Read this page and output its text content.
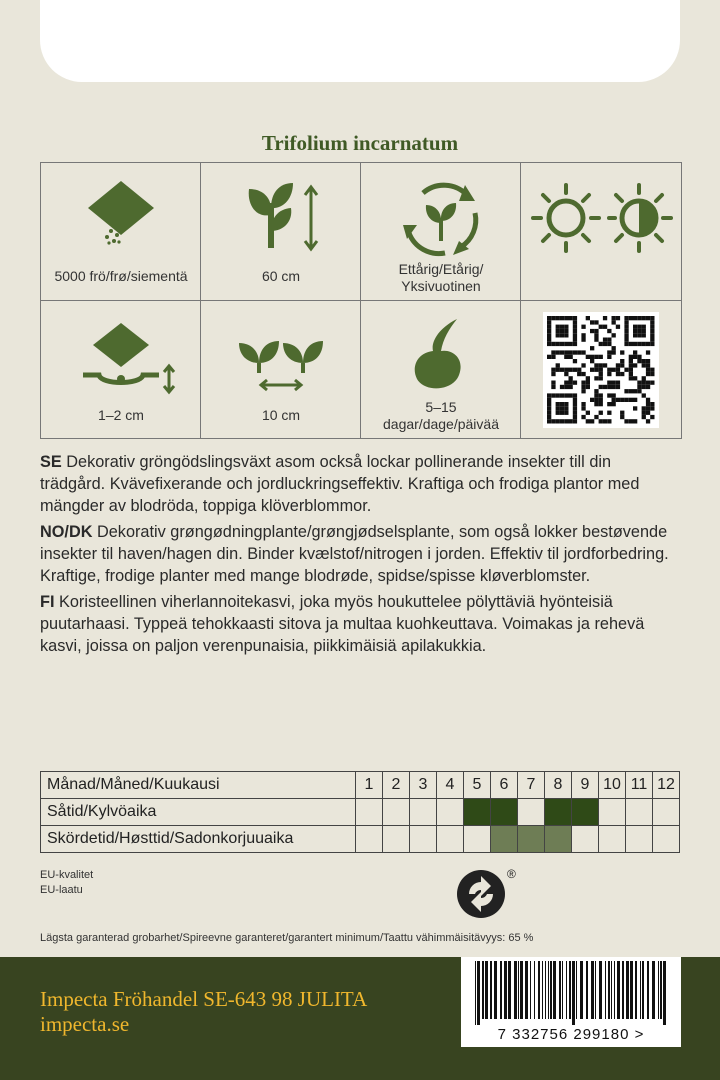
Trifolium incarnatum
5000 frö/frø/siementä	60 cm	Ettårig/Etårig/
Yksivuotinen
1–2 cm	10 cm	5–15
dagar/dage/päivää

SE Dekorativ gröngödslingsväxt asom också lockar pollinerande insekter till din trädgård. Kvävefixerande och jordluckringseffektiv. Kraftiga och frodiga plantor med mängder av blodröda, toppiga klöverblommor.

NO/DK Dekorativ grøngødningplante/grøngjødselsplante, som også lokker bestøvende insekter til haven/hagen din. Binder kvælstof/nitrogen i jorden. Effektiv til jordforbedring. Kraftige, frodige planter med mange blodrøde, spidse/spisse kløverblomster.

FI Koristeellinen viherlannoitekasvi, joka myös houkuttelee pölyttäviä hyönteisiä puutarhaasi. Typpeä tehokkaasti sitova ja multaa kuohkeuttava. Voimakas ja rehevä kasvi, joissa on paljon verenpunaisia, piikkimäisiä apilakukkia.

Månad/Måned/Kuukausi	1	2	3	4	5	6	7	8	9	10	11	12
Såtid/Kylvöaika												
Skördetid/Høsttid/Sadonkorjuuaika												
EU-kvalitet
EU-laatu
®
Lägsta garanterad grobarhet/Spireevne garanteret/garantert minimum/Taattu vähimmäisitävyys: 65 %
Impecta Fröhandel SE-643 98 JULITA
impecta.se	7 332756 299180 >
